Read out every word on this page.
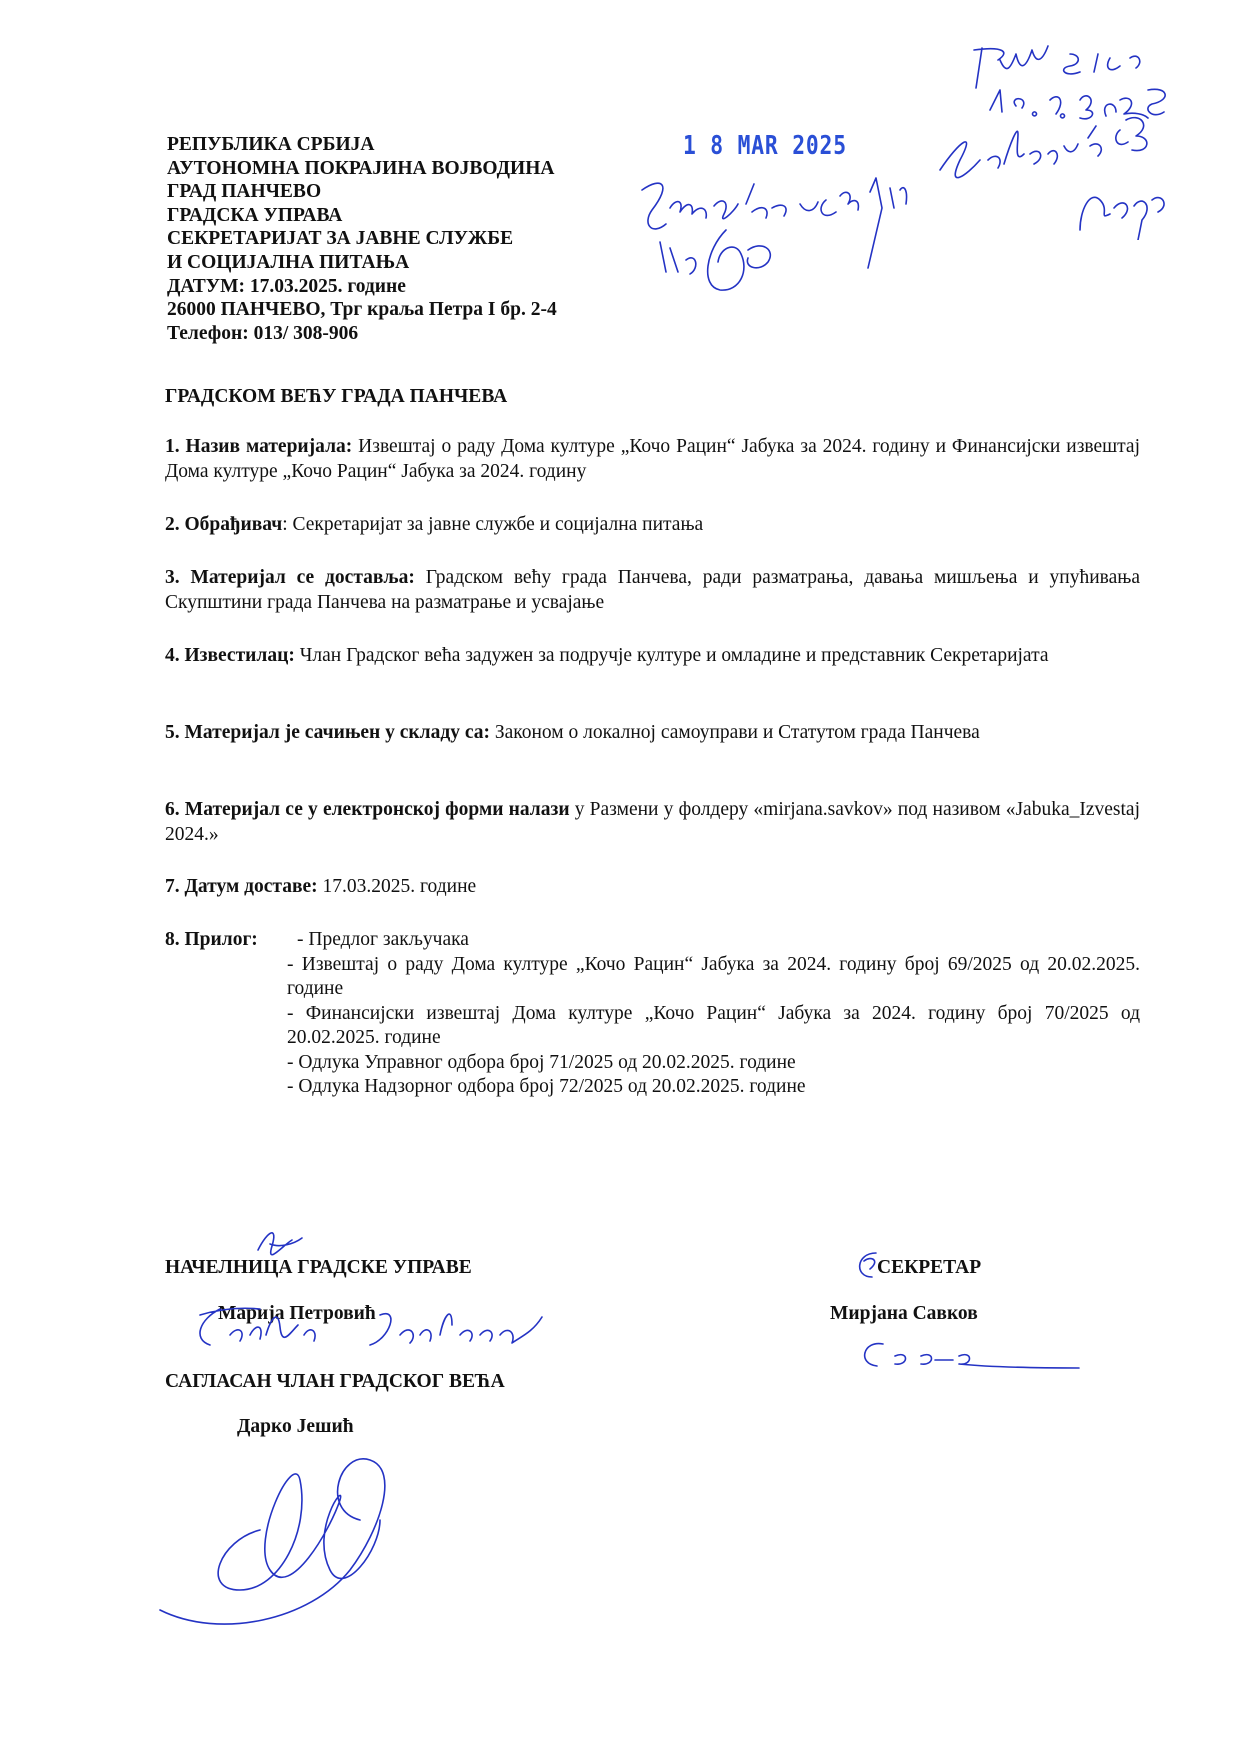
РЕПУБЛИКА СРБИЈА
АУТОНОМНА ПОКРАЈИНА ВОЈВОДИНА
ГРАД ПАНЧЕВО
ГРАДСКА УПРАВА
СЕКРЕТАРИЈАТ ЗА ЈАВНЕ СЛУЖБЕ
И СОЦИЈАЛНА ПИТАЊА
ДАТУМ: 17.03.2025. године
26000 ПАНЧЕВО, Трг краља Петра I бр. 2-4
Телефон: 013/ 308-906
1 8 MAR 2025
ГРАДСКОМ ВЕЋУ ГРАДА ПАНЧЕВА
1. Назив материјала: Извештај о раду Дома културе „Кочо Рацин“ Јабука за 2024. годину и Финансијски извештај Дома културе „Кочо Рацин“ Јабука за 2024. годину
2. Обрађивач: Секретаријат за јавне службе и социјална питања
3. Материјал се доставља: Градском већу града Панчева, ради разматрања, давања мишљења и упућивања Скупштини града Панчева на разматрање и усвајање
4. Известилац: Члан Градског већа задужен за подручје културе и омладине и представник Секретаријата
5. Материјал је сачињен у складу са: Законом о локалној самоуправи и Статутом града Панчева
6. Материјал се у електронској форми налази у Размени у фолдеру «mirjana.savkov» под називом «Jabuka_Izvestaj 2024.»
7. Датум доставе: 17.03.2025. године
8. Прилог:	- Предлог закључака
- Извештај о раду Дома културе „Кочо Рацин“ Јабука за 2024. годину број 69/2025 од 20.02.2025. године
- Финансијски извештај Дома културе „Кочо Рацин“ Јабука за 2024. годину број 70/2025 од 20.02.2025. године
- Одлука Управног одбора број 71/2025 од 20.02.2025. године
- Одлука Надзорног одбора број 72/2025 од 20.02.2025. године
НАЧЕЛНИЦА ГРАДСКЕ УПРАВЕ
Марија Петровић
СЕКРЕТАР
Мирјана Савков
САГЛАСАН ЧЛАН ГРАДСКОГ ВЕЋА
Дарко Јешић
